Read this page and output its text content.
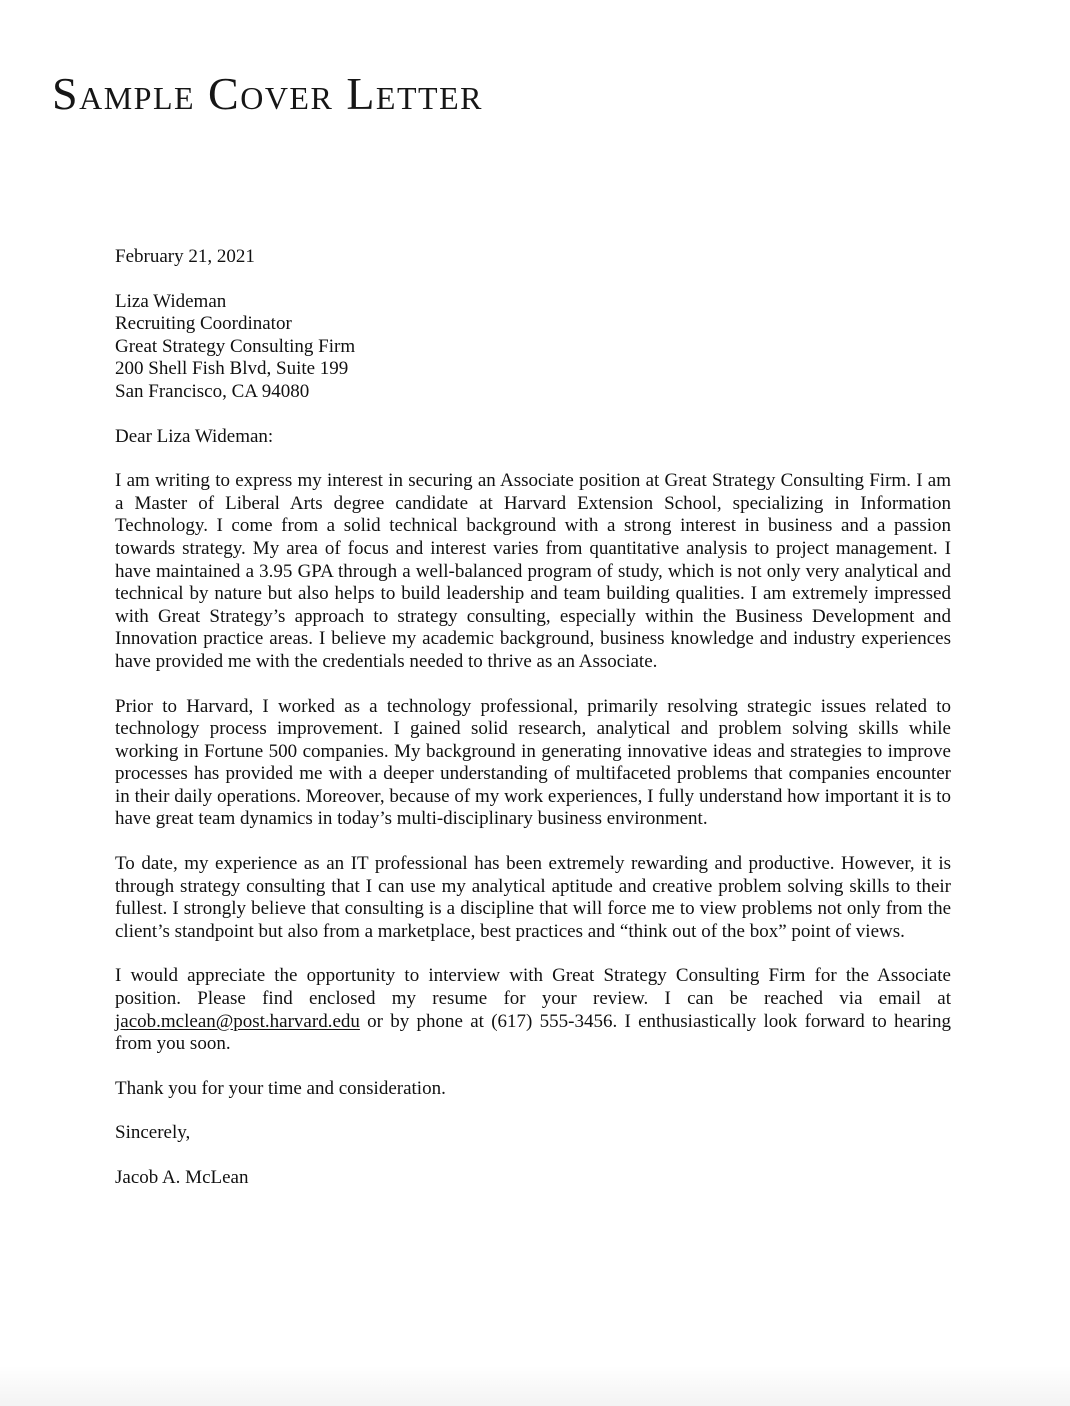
Sample Cover Letter

February 21, 2021

Liza Wideman
Recruiting Coordinator
Great Strategy Consulting Firm
200 Shell Fish Blvd, Suite 199
San Francisco, CA 94080

Dear Liza Wideman:

I am writing to express my interest in securing an Associate position at Great Strategy Consulting Firm. I am a Master of Liberal Arts degree candidate at Harvard Extension School, specializing in Information Technology. I come from a solid technical background with a strong interest in business and a passion towards strategy. My area of focus and interest varies from quantitative analysis to project management. I have maintained a 3.95 GPA through a well-balanced program of study, which is not only very analytical and technical by nature but also helps to build leadership and team building qualities. I am extremely impressed with Great Strategy’s approach to strategy consulting, especially within the Business Development and Innovation practice areas. I believe my academic background, business knowledge and industry experiences have provided me with the credentials needed to thrive as an Associate.

Prior to Harvard, I worked as a technology professional, primarily resolving strategic issues related to technology process improvement. I gained solid research, analytical and problem solving skills while working in Fortune 500 companies. My background in generating innovative ideas and strategies to improve processes has provided me with a deeper understanding of multifaceted problems that companies encounter in their daily operations. Moreover, because of my work experiences, I fully understand how important it is to have great team dynamics in today’s multi-disciplinary business environment.

To date, my experience as an IT professional has been extremely rewarding and productive. However, it is through strategy consulting that I can use my analytical aptitude and creative problem solving skills to their fullest. I strongly believe that consulting is a discipline that will force me to view problems not only from the client’s standpoint but also from a marketplace, best practices and “think out of the box” point of views.

I would appreciate the opportunity to interview with Great Strategy Consulting Firm for the Associate position. Please find enclosed my resume for your review. I can be reached via email at jacob.mclean@post.harvard.edu or by phone at (617) 555-3456. I enthusiastically look forward to hearing from you soon.

Thank you for your time and consideration.

Sincerely,

Jacob A. McLean
